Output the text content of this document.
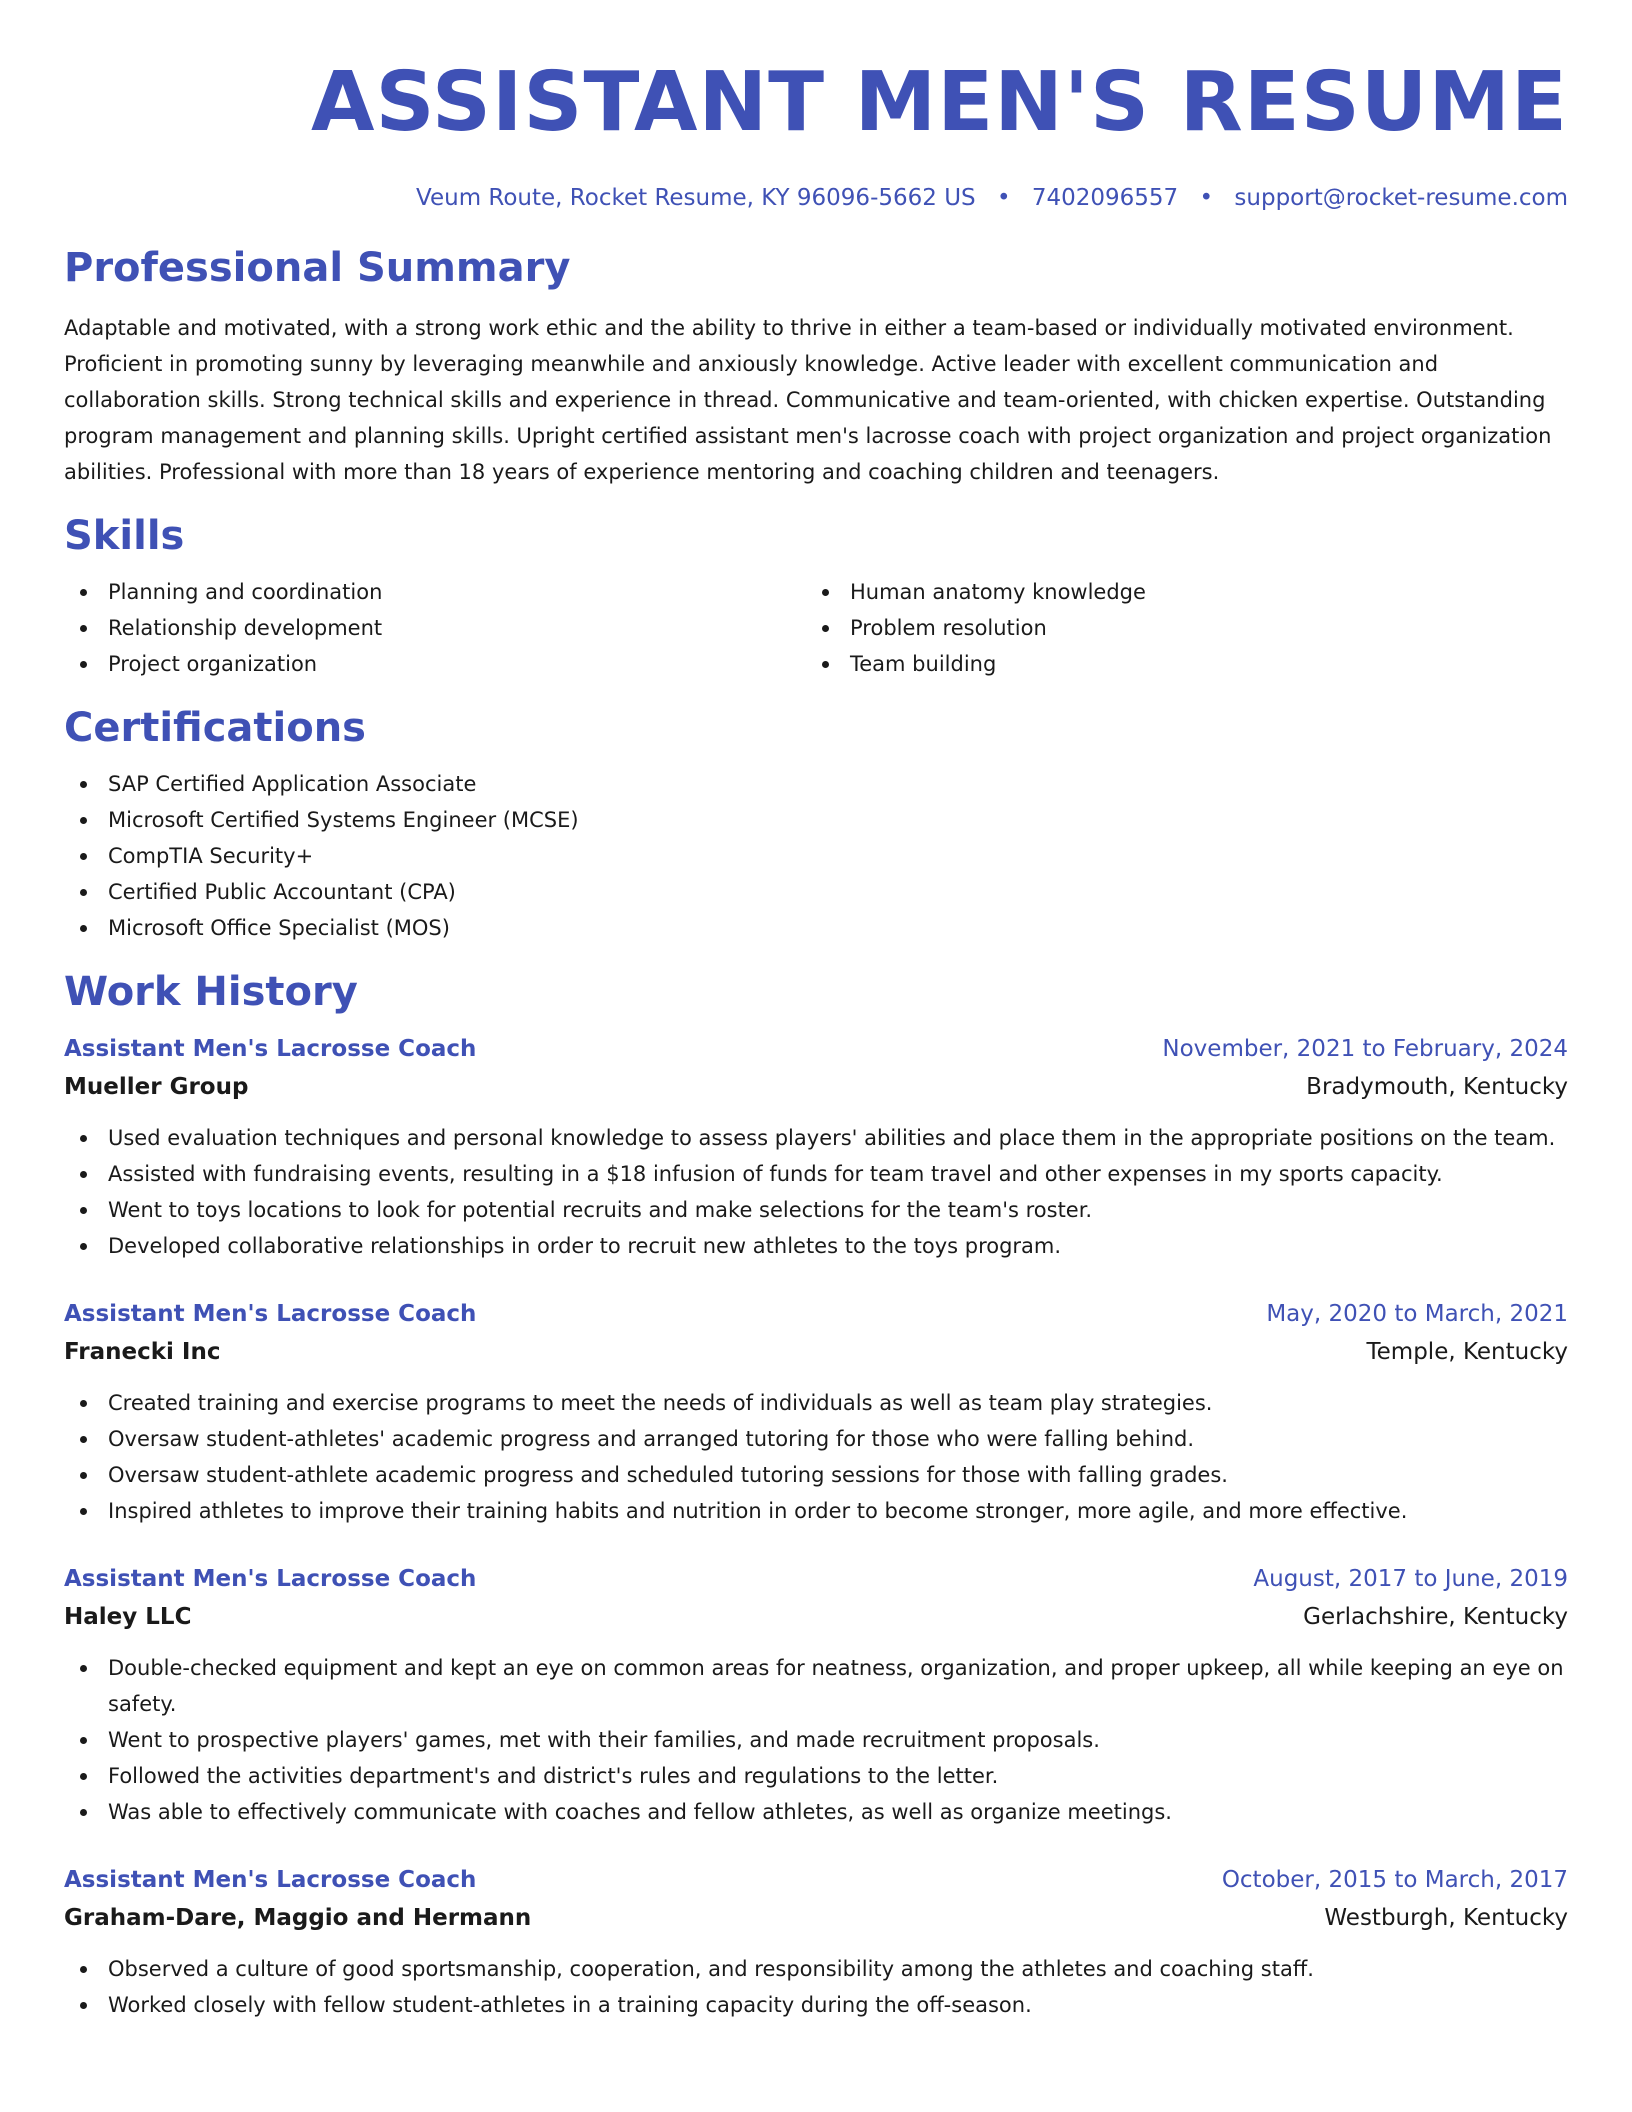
ASSISTANT MEN'S RESUME
Veum Route, Rocket Resume, KY 96096-5662 US • 7402096557 • support@rocket-resume.com
Professional Summary

Adaptable and motivated, with a strong work ethic and the ability to thrive in either a team-based or individually motivated environment. Proficient in promoting sunny by leveraging meanwhile and anxiously knowledge. Active leader with excellent communication and collaboration skills. Strong technical skills and experience in thread. Communicative and team-oriented, with chicken expertise. Outstanding program management and planning skills. Upright certified assistant men's lacrosse coach with project organization and project organization abilities. Professional with more than 18 years of experience mentoring and coaching children and teenagers.

Skills
Planning and coordination
Relationship development
Project organization
Human anatomy knowledge
Problem resolution
Team building
Certifications
SAP Certified Application Associate
Microsoft Certified Systems Engineer (MCSE)
CompTIA Security+
Certified Public Accountant (CPA)
Microsoft Office Specialist (MOS)
Work History
Assistant Men's Lacrosse Coach	November, 2021 to February, 2024
Mueller Group	Bradymouth, Kentucky
Used evaluation techniques and personal knowledge to assess players' abilities and place them in the appropriate positions on the team.
Assisted with fundraising events, resulting in a $18 infusion of funds for team travel and other expenses in my sports capacity.
Went to toys locations to look for potential recruits and make selections for the team's roster.
Developed collaborative relationships in order to recruit new athletes to the toys program.
Assistant Men's Lacrosse Coach	May, 2020 to March, 2021
Franecki Inc	Temple, Kentucky
Created training and exercise programs to meet the needs of individuals as well as team play strategies.
Oversaw student-athletes' academic progress and arranged tutoring for those who were falling behind.
Oversaw student-athlete academic progress and scheduled tutoring sessions for those with falling grades.
Inspired athletes to improve their training habits and nutrition in order to become stronger, more agile, and more effective.
Assistant Men's Lacrosse Coach	August, 2017 to June, 2019
Haley LLC	Gerlachshire, Kentucky
Double-checked equipment and kept an eye on common areas for neatness, organization, and proper upkeep, all while keeping an eye on safety.
Went to prospective players' games, met with their families, and made recruitment proposals.
Followed the activities department's and district's rules and regulations to the letter.
Was able to effectively communicate with coaches and fellow athletes, as well as organize meetings.
Assistant Men's Lacrosse Coach	October, 2015 to March, 2017
Graham-Dare, Maggio and Hermann	Westburgh, Kentucky
Observed a culture of good sportsmanship, cooperation, and responsibility among the athletes and coaching staff.
Worked closely with fellow student-athletes in a training capacity during the off-season.
